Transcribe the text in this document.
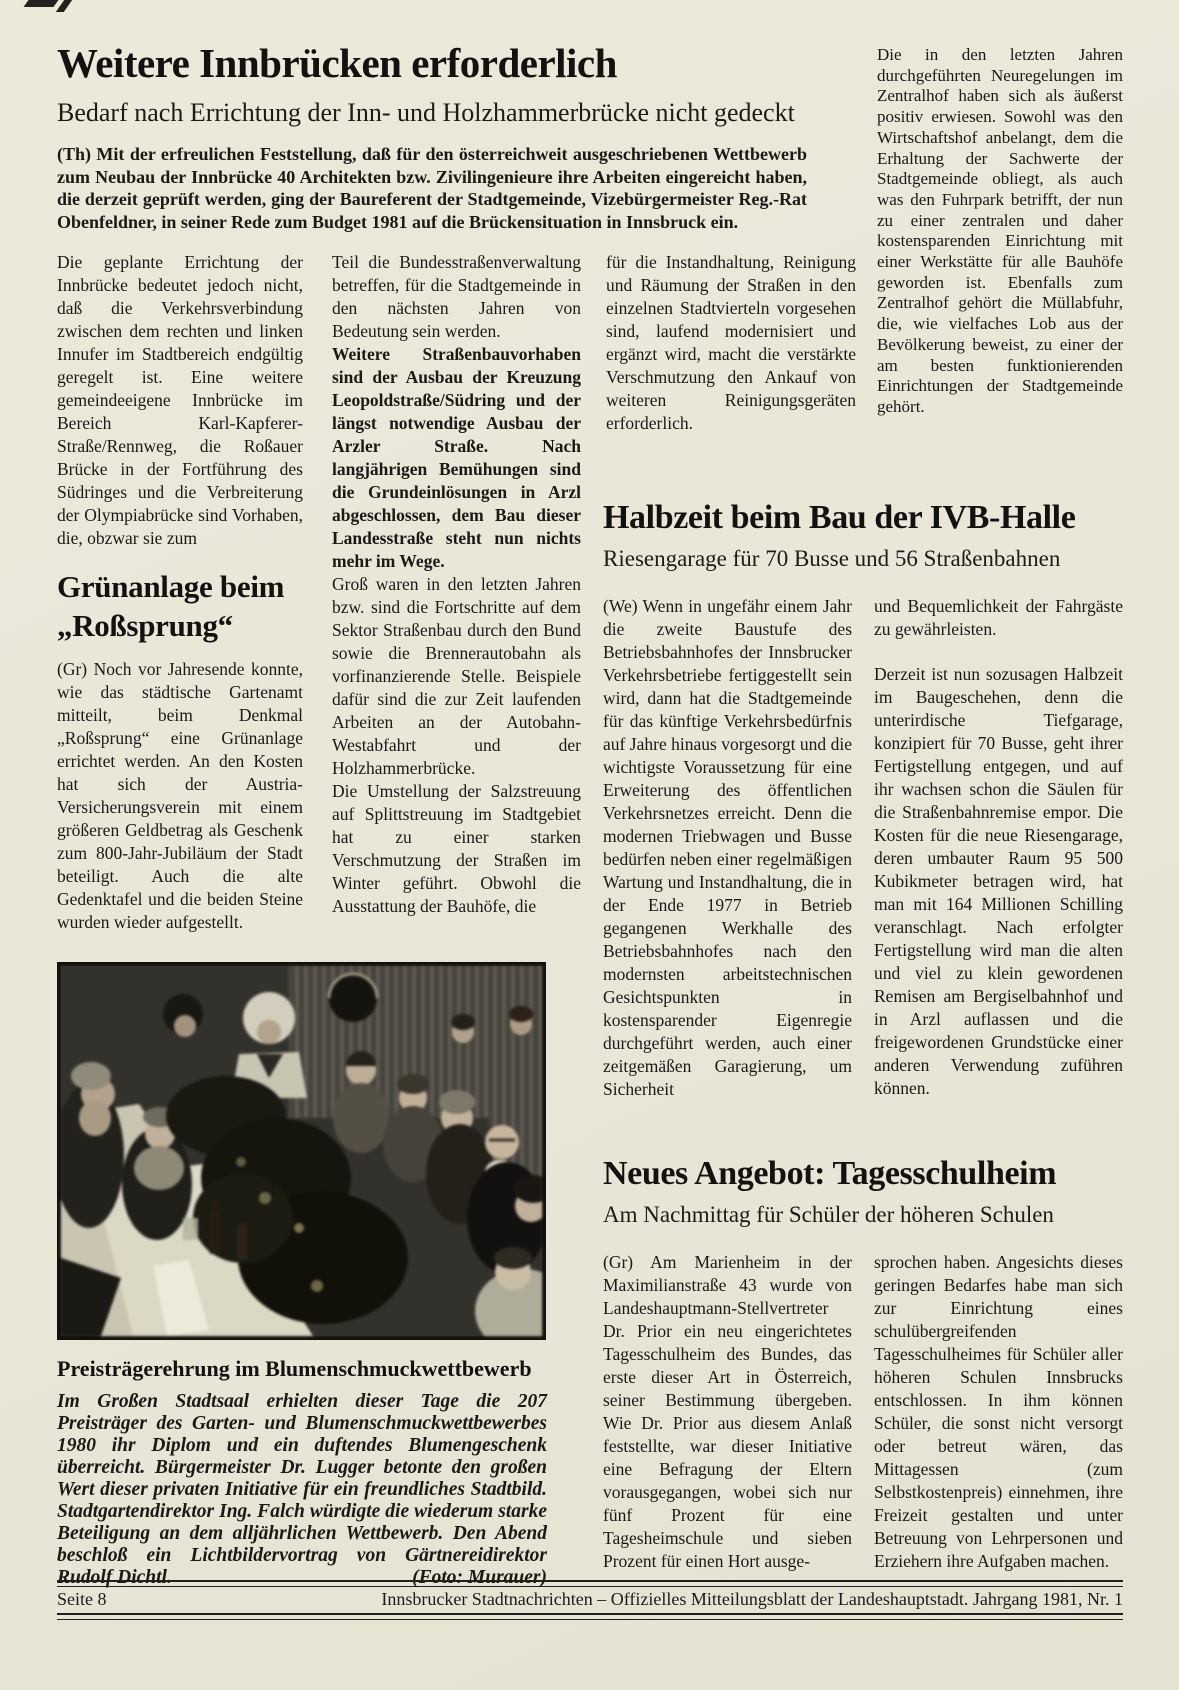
Weitere Innbrücken erforderlich
Bedarf nach Errichtung der Inn- und Holzhammerbrücke nicht gedeckt

(Th) Mit der erfreulichen Feststellung, daß für den österreichweit ausgeschriebenen Wettbewerb zum Neubau der Innbrücke 40 Architekten bzw. Zivilingenieure ihre Arbeiten eingereicht haben, die derzeit geprüft werden, ging der Baureferent der Stadtgemeinde, Vizebürgermeister Reg.-Rat Obenfeldner, in seiner Rede zum Budget 1981 auf die Brückensituation in Innsbruck ein.

Die geplante Errichtung der Innbrücke bedeutet jedoch nicht, daß die Verkehrsverbindung zwischen dem rechten und linken Innufer im Stadtbereich endgültig geregelt ist. Eine weitere gemeindeeigene Innbrücke im Bereich Karl-Kapferer-Straße/Rennweg, die Roßauer Brücke in der Fortführung des Südringes und die Verbreiterung der Olympiabrücke sind Vorhaben, die, obzwar sie zum

Grünanlage beim
„Roßsprung“

(Gr) Noch vor Jahresende konnte, wie das städtische Gartenamt mitteilt, beim Denkmal „Roßsprung“ eine Grünanlage errichtet werden. An den Kosten hat sich der Austria-Versicherungsverein mit einem größeren Geldbetrag als Geschenk zum 800-Jahr-Jubiläum der Stadt beteiligt. Auch die alte Gedenktafel und die beiden Steine wurden wieder aufgestellt.

Teil die Bundesstraßenverwaltung betreffen, für die Stadtgemeinde in den nächsten Jahren von Bedeutung sein werden.

Weitere Straßenbauvorhaben sind der Ausbau der Kreuzung Leopoldstraße/Südring und der längst notwendige Ausbau der Arzler Straße. Nach langjährigen Bemühungen sind die Grundeinlösungen in Arzl abgeschlossen, dem Bau dieser Landesstraße steht nun nichts mehr im Wege.

Groß waren in den letzten Jahren bzw. sind die Fortschritte auf dem Sektor Straßenbau durch den Bund sowie die Brennerautobahn als vorfinanzierende Stelle. Beispiele dafür sind die zur Zeit laufenden Arbeiten an der Autobahn-Westabfahrt und der Holzhammerbrücke.

Die Umstellung der Salzstreuung auf Splittstreuung im Stadtgebiet hat zu einer starken Verschmutzung der Straßen im Winter geführt. Obwohl die Ausstattung der Bauhöfe, die

für die Instandhaltung, Reinigung und Räumung der Straßen in den einzelnen Stadtvierteln vorgesehen sind, laufend modernisiert und ergänzt wird, macht die verstärkte Verschmutzung den Ankauf von weiteren Reinigungsgeräten erforderlich.

Die in den letzten Jahren durchgeführten Neuregelungen im Zentralhof haben sich als äußerst positiv erwiesen. Sowohl was den Wirtschaftshof anbelangt, dem die Erhaltung der Sachwerte der Stadtgemeinde obliegt, als auch was den Fuhrpark betrifft, der nun zu einer zentralen und daher kostensparenden Einrichtung mit einer Werkstätte für alle Bauhöfe geworden ist. Ebenfalls zum Zentralhof gehört die Müllabfuhr, die, wie vielfaches Lob aus der Bevölkerung beweist, zu einer der am besten funktionierenden Einrichtungen der Stadtgemeinde gehört.

Halbzeit beim Bau der IVB-Halle
Riesengarage für 70 Busse und 56 Straßenbahnen

(We) Wenn in ungefähr einem Jahr die zweite Baustufe des Betriebsbahnhofes der Innsbrucker Verkehrsbetriebe fertiggestellt sein wird, dann hat die Stadtgemeinde für das künftige Verkehrsbedürfnis auf Jahre hinaus vorgesorgt und die wichtigste Voraussetzung für eine Erweiterung des öffentlichen Verkehrsnetzes erreicht. Denn die modernen Triebwagen und Busse bedürfen neben einer regelmäßigen Wartung und Instandhaltung, die in der Ende 1977 in Betrieb gegangenen Werkhalle des Betriebsbahnhofes nach den modernsten arbeitstechnischen Gesichtspunkten in kostensparender Eigenregie durchgeführt werden, auch einer zeitgemäßen Garagierung, um Sicherheit

und Bequemlichkeit der Fahrgäste zu gewährleisten.

Derzeit ist nun sozusagen Halbzeit im Baugeschehen, denn die unterirdische Tiefgarage, konzipiert für 70 Busse, geht ihrer Fertigstellung entgegen, und auf ihr wachsen schon die Säulen für die Straßenbahnremise empor. Die Kosten für die neue Riesengarage, deren umbauter Raum 95 500 Kubikmeter betragen wird, hat man mit 164 Millionen Schilling veranschlagt. Nach erfolgter Fertigstellung wird man die alten und viel zu klein gewordenen Remisen am Bergiselbahnhof und in Arzl auflassen und die freigewordenen Grundstücke einer anderen Verwendung zuführen können.

Neues Angebot: Tagesschulheim
Am Nachmittag für Schüler der höheren Schulen

(Gr) Am Marienheim in der Maximilianstraße 43 wurde von Landeshauptmann-Stellvertreter Dr. Prior ein neu eingerichtetes Tagesschulheim des Bundes, das erste dieser Art in Österreich, seiner Bestimmung übergeben. Wie Dr. Prior aus diesem Anlaß feststellte, war dieser Initiative eine Befragung der Eltern vorausgegangen, wobei sich nur fünf Prozent für eine Tagesheimschule und sieben Prozent für einen Hort ausge-

sprochen haben. Angesichts dieses geringen Bedarfes habe man sich zur Einrichtung eines schulübergreifenden Tagesschulheimes für Schüler aller höheren Schulen Innsbrucks entschlossen. In ihm können Schüler, die sonst nicht versorgt oder betreut wären, das Mittagessen (zum Selbstkostenpreis) einnehmen, ihre Freizeit gestalten und unter Betreuung von Lehrpersonen und Erziehern ihre Aufgaben machen.

Preisträgerehrung im Blumenschmuckwettbewerb

Im Großen Stadtsaal erhielten dieser Tage die 207 Preisträger des Garten- und Blumenschmuckwettbewerbes 1980 ihr Diplom und ein duftendes Blumengeschenk überreicht. Bürgermeister Dr. Lugger betonte den großen Wert dieser privaten Initiative für ein freundliches Stadtbild. Stadtgartendirektor Ing. Falch würdigte die wiederum starke Beteiligung an dem alljährlichen Wettbewerb. Den Abend beschloß ein Lichtbildervortrag von Gärtnereidirektor Rudolf Dichtl.	(Foto: Murauer)

Seite 8	Innsbrucker Stadtnachrichten – Offizielles Mitteilungsblatt der Landeshauptstadt. Jahrgang 1981, Nr. 1
